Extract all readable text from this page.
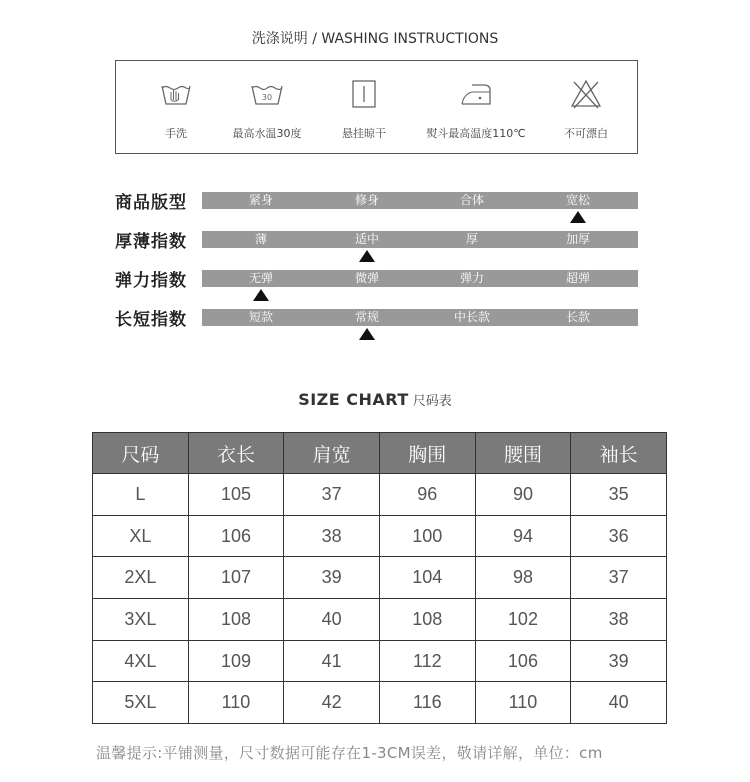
洗涤说明 / WASHING INSTRUCTIONS
手洗
30
最高水温30度	悬挂晾干	熨斗最高温度110℃	不可漂白
商品版型	紧身	修身	合体	宽松
厚薄指数	薄	适中	厚	加厚
弹力指数	无弹	微弹	弹力	超弹
长短指数	短款	常规	中长款	长款
SIZE CHART 尺码表
尺码	衣长	肩宽	胸围	腰围	袖长
L	105	37	96	90	35
XL	106	38	100	94	36
2XL	107	39	104	98	37
3XL	108	40	108	102	38
4XL	109	41	112	106	39
5XL	110	42	116	110	40
温馨提示:平铺测量，尺寸数据可能存在1-3CM误差，敬请详解，单位：cm
